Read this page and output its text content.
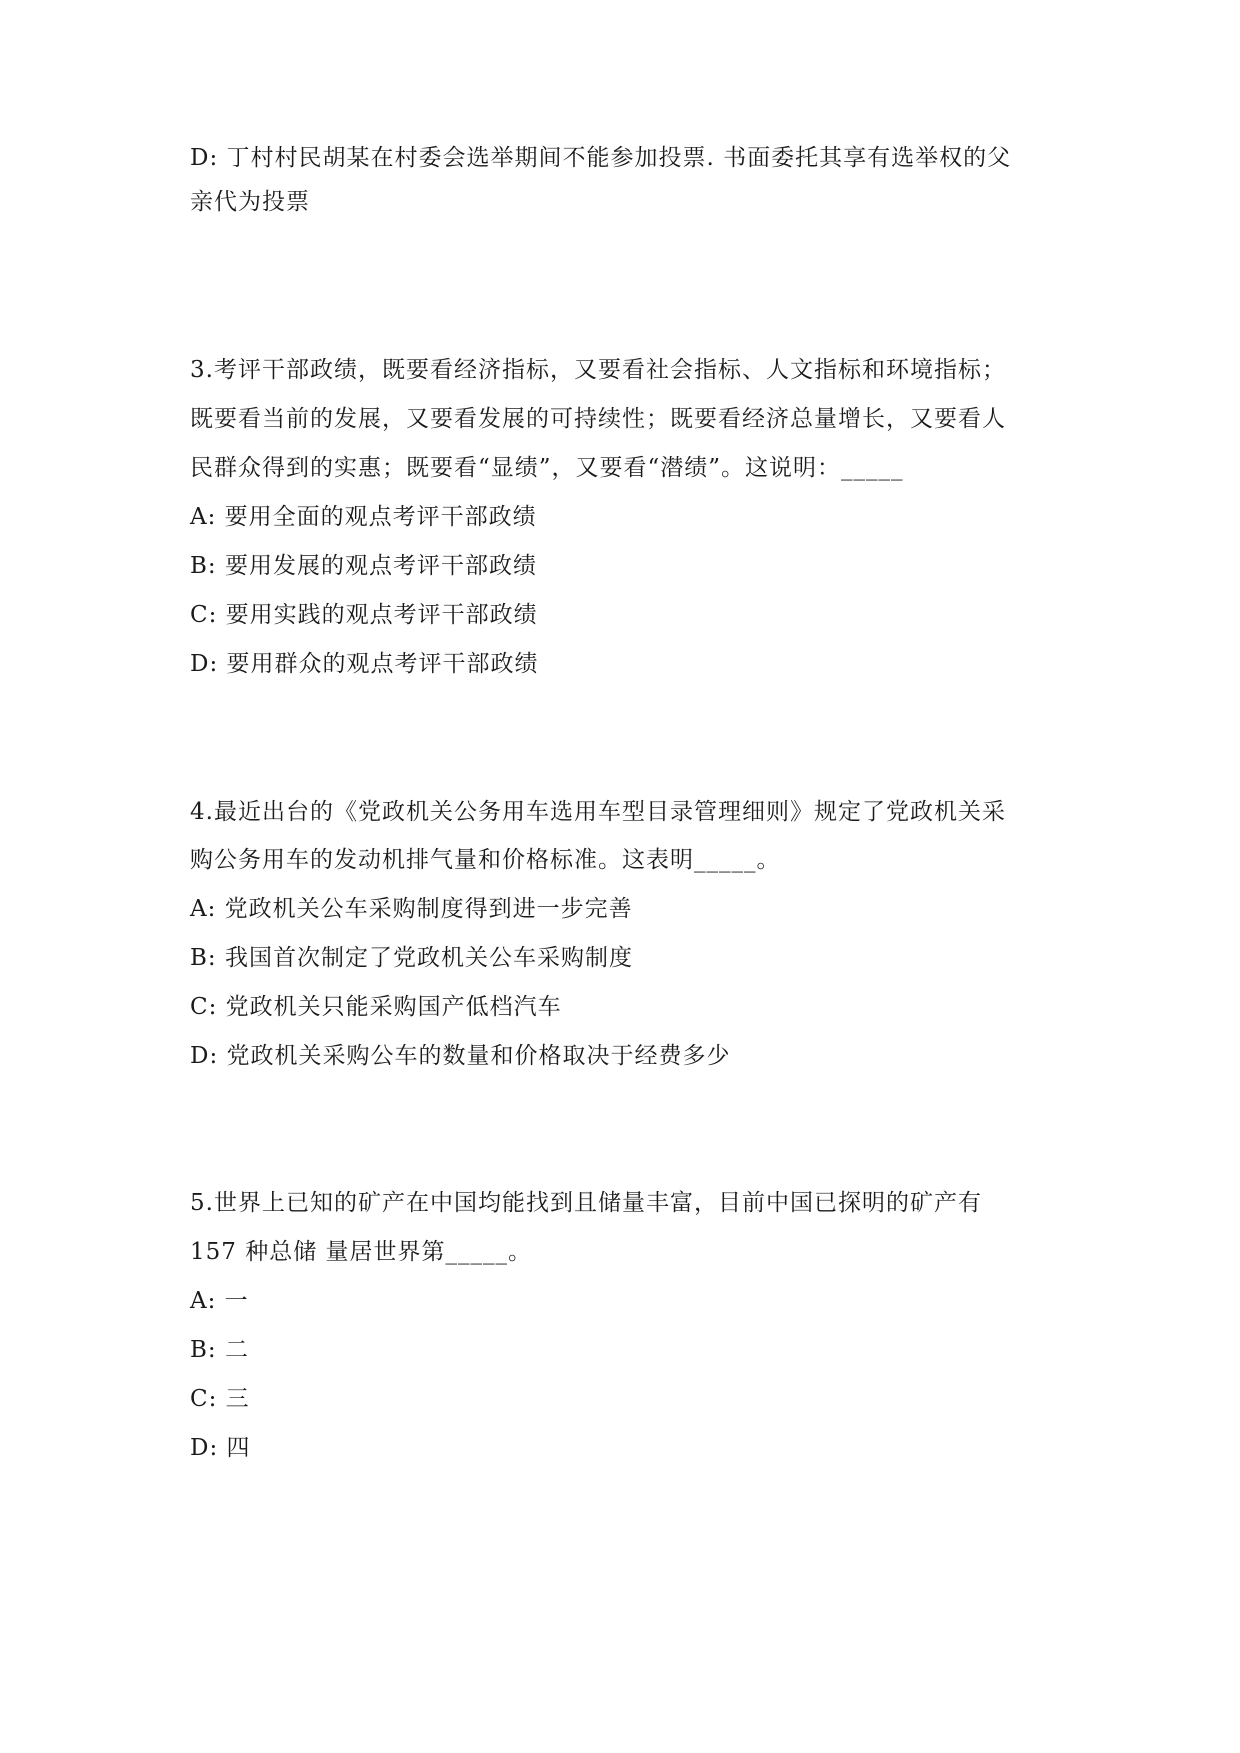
D: 丁村村民胡某在村委会选举期间不能参加投票. 书面委托其享有选举权的父
亲代为投票
3.考评干部政绩，既要看经济指标，又要看社会指标、人文指标和环境指标；
既要看当前的发展，又要看发展的可持续性；既要看经济总量增长，又要看人
民群众得到的实惠；既要看“显绩”，又要看“潜绩”。这说明：_____
A: 要用全面的观点考评干部政绩
B: 要用发展的观点考评干部政绩
C: 要用实践的观点考评干部政绩
D: 要用群众的观点考评干部政绩
4.最近出台的《党政机关公务用车选用车型目录管理细则》规定了党政机关采
购公务用车的发动机排气量和价格标准。这表明_____。
A: 党政机关公车采购制度得到进一步完善
B: 我国首次制定了党政机关公车采购制度
C: 党政机关只能采购国产低档汽车
D: 党政机关采购公车的数量和价格取决于经费多少
5.世界上已知的矿产在中国均能找到且储量丰富，目前中国已探明的矿产有
157 种总储 量居世界第_____。
A: 一
B: 二
C: 三
D: 四
